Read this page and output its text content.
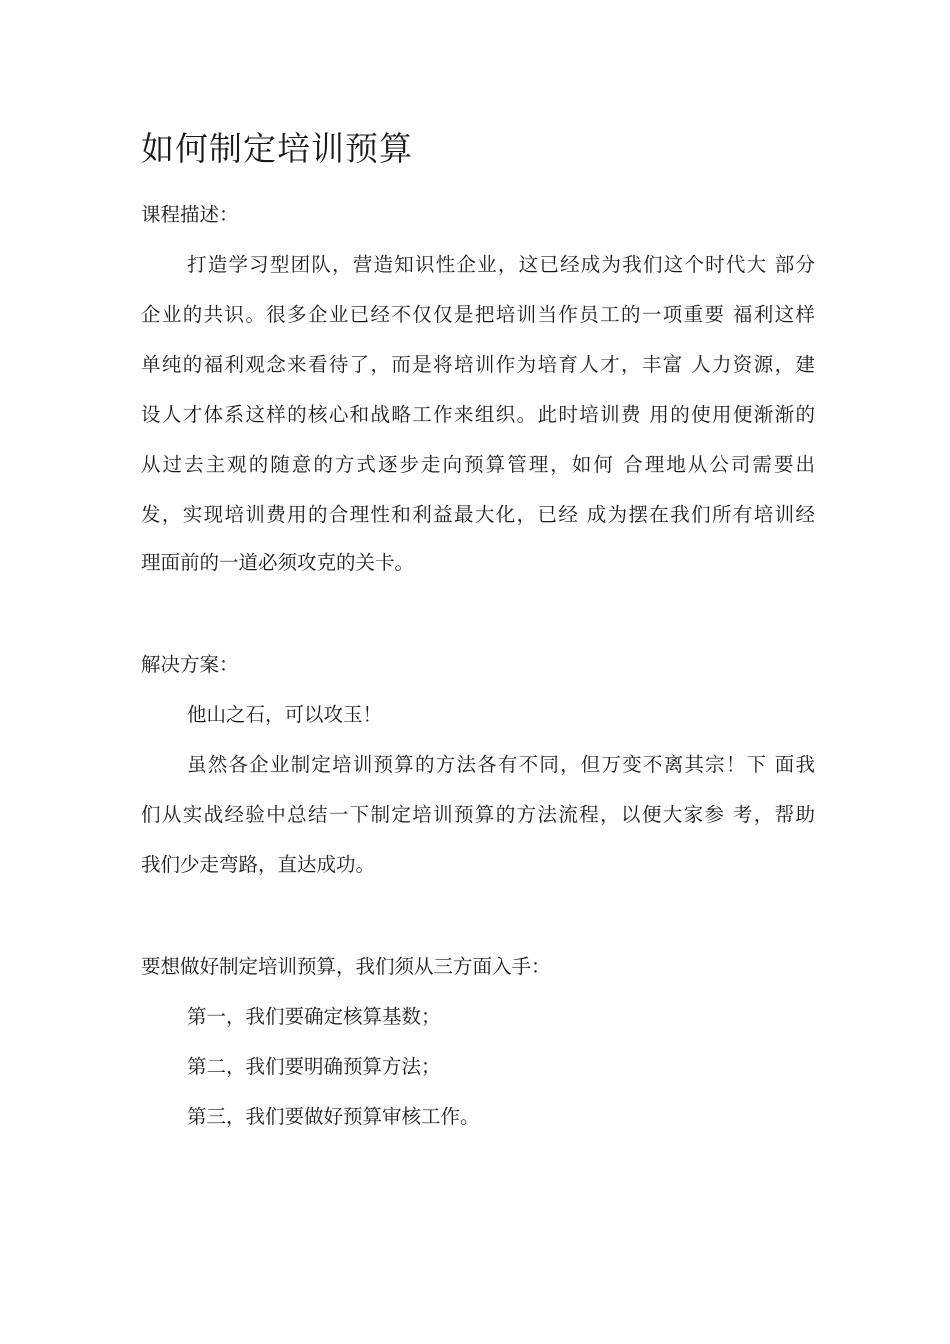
如何制定培训预算

课程描述：

打造学习型团队，营造知识性企业，这已经成为我们这个时代大 部分

企业的共识。很多企业已经不仅仅是把培训当作员工的一项重要 福利这样

单纯的福利观念来看待了，而是将培训作为培育人才，丰富 人力资源，建

设人才体系这样的核心和战略工作来组织。此时培训费 用的使用便渐渐的

从过去主观的随意的方式逐步走向预算管理，如何 合理地从公司需要出

发，实现培训费用的合理性和利益最大化，已经 成为摆在我们所有培训经

理面前的一道必须攻克的关卡。

解决方案：

他山之石，可以攻玉！

虽然各企业制定培训预算的方法各有不同，但万变不离其宗！下 面我

们从实战经验中总结一下制定培训预算的方法流程，以便大家参 考，帮助

我们少走弯路，直达成功。

要想做好制定培训预算，我们须从三方面入手：

第一，我们要确定核算基数；

第二，我们要明确预算方法；

第三，我们要做好预算审核工作。
